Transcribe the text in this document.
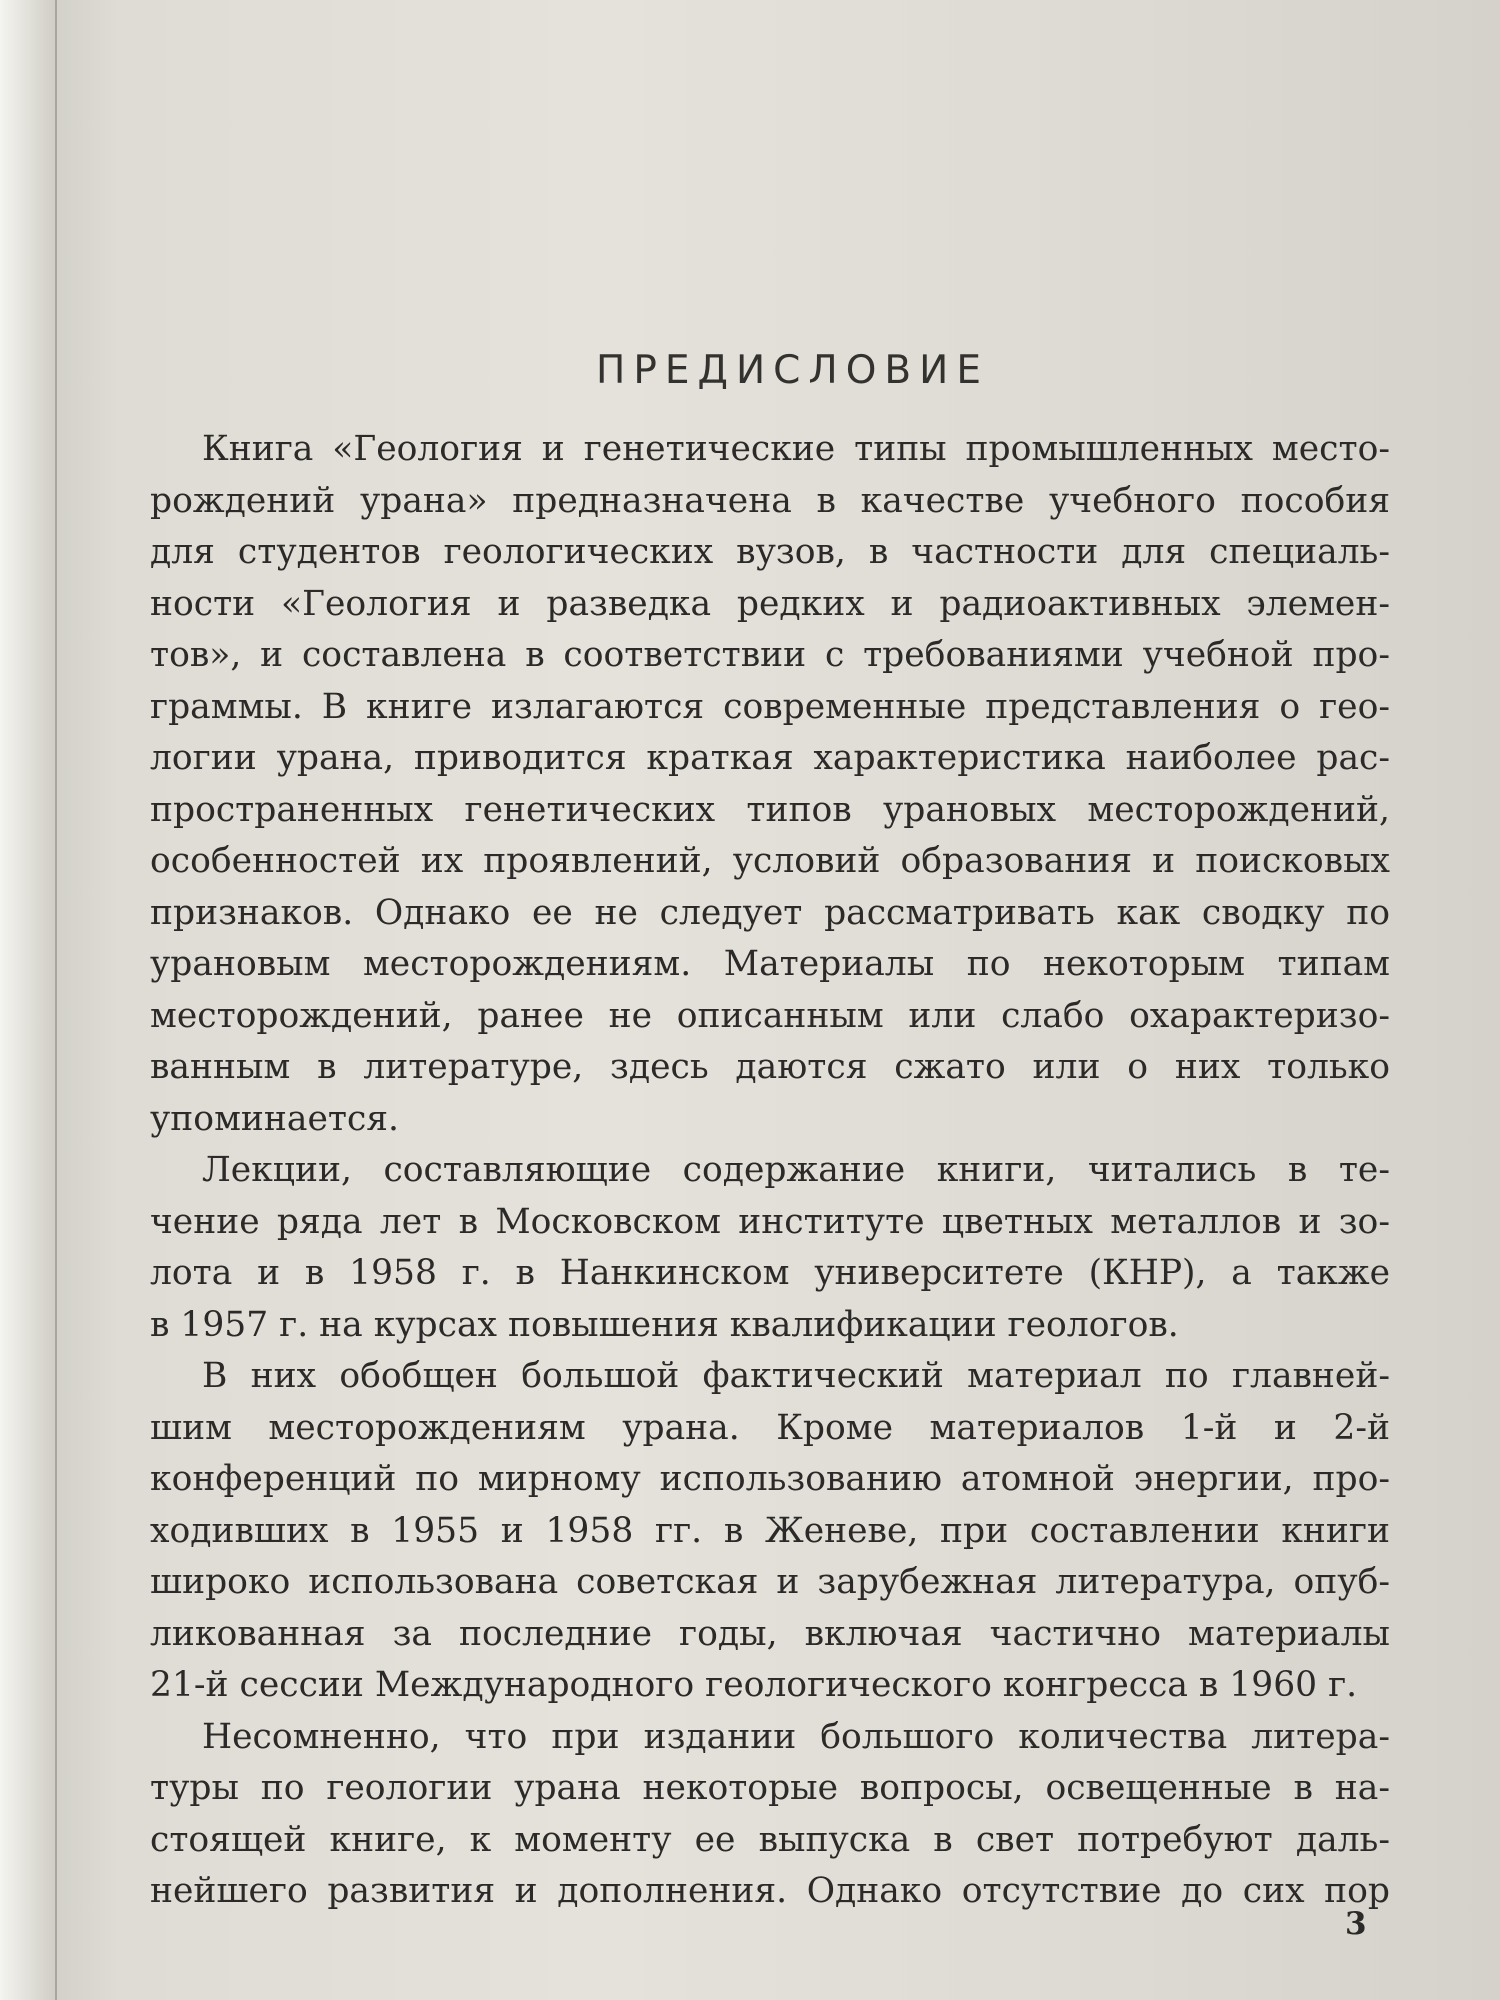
ПРЕДИСЛОВИЕ
Книга «Геология и генетические типы промышленных место-
рождений урана» предназначена в качестве учебного пособия
для студентов геологических вузов, в частности для специаль-
ности «Геология и разведка редких и радиоактивных элемен-
тов», и составлена в соответствии с требованиями учебной про-
граммы. В книге излагаются современные представления о гео-
логии урана, приводится краткая характеристика наиболее рас-
пространенных генетических типов урановых месторождений,
особенностей их проявлений, условий образования и поисковых
признаков. Однако ее не следует рассматривать как сводку по
урановым месторождениям. Материалы по некоторым типам
месторождений, ранее не описанным или слабо охарактеризо-
ванным в литературе, здесь даются сжато или о них только
упоминается.
Лекции, составляющие содержание книги, читались в те-
чение ряда лет в Московском институте цветных металлов и зо-
лота и в 1958 г. в Нанкинском университете (КНР), а также
в 1957 г. на курсах повышения квалификации геологов.
В них обобщен большой фактический материал по главней-
шим месторождениям урана. Кроме материалов 1-й и 2-й
конференций по мирному использованию атомной энергии, про-
ходивших в 1955 и 1958 гг. в Женеве, при составлении книги
широко использована советская и зарубежная литература, опуб-
ликованная за последние годы, включая частично материалы
21-й сессии Международного геологического конгресса в 1960 г.
Несомненно, что при издании большого количества литера-
туры по геологии урана некоторые вопросы, освещенные в на-
стоящей книге, к моменту ее выпуска в свет потребуют даль-
нейшего развития и дополнения. Однако отсутствие до сих пор
3
